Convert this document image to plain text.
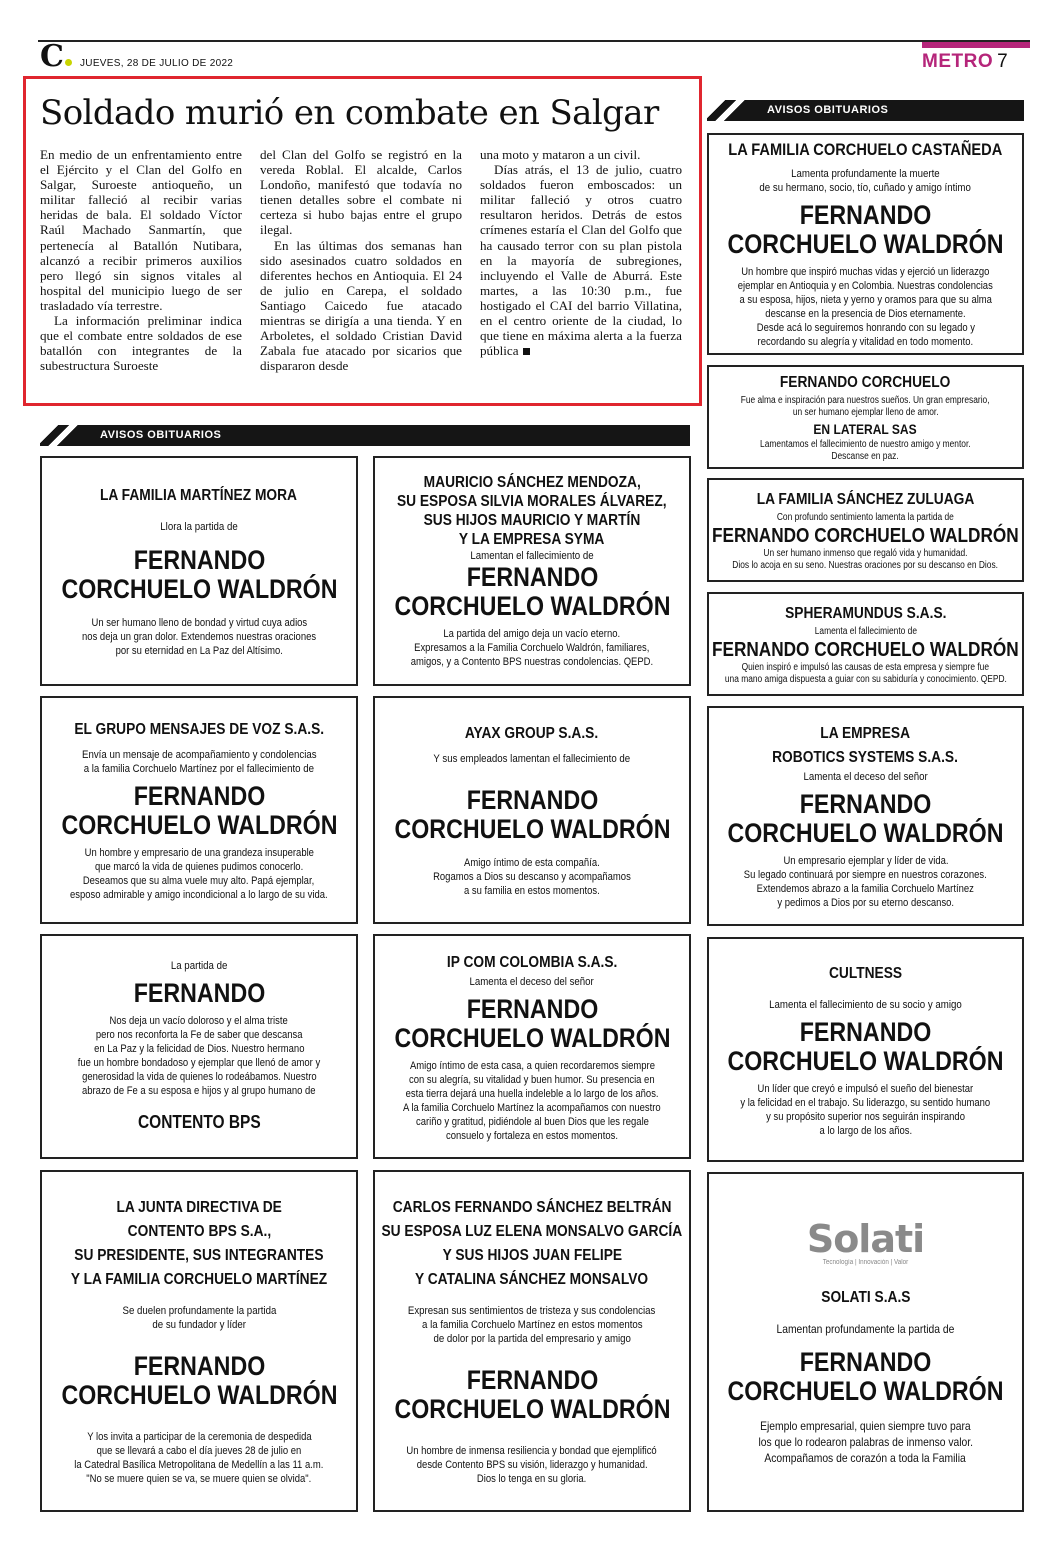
C	JUEVES, 28 DE JULIO DE 2022	METRO 7
Soldado murió en combate en Salgar

En medio de un enfrentamiento entre el Ejército y el Clan del Golfo en Salgar, Suroeste antioqueño, un militar falleció al recibir varias heridas de bala. El soldado Víctor Raúl Machado Sanmartín, que pertenecía al Batallón Nutibara, alcanzó a recibir primeros auxilios pero llegó sin signos vitales al hospital del municipio luego de ser trasladado vía terrestre.

La información preliminar indica que el combate entre soldados de ese batallón con integrantes de la subestructura Suroeste

del Clan del Golfo se registró en la vereda Roblal. El alcalde, Carlos Londoño, manifestó que todavía no tienen detalles sobre el combate ni certeza si hubo bajas entre el grupo ilegal.

En las últimas dos semanas han sido asesinados cuatro soldados en diferentes hechos en Antioquia. El 24 de julio en Carepa, el soldado Santiago Caicedo fue atacado mientras se dirigía a una tienda. Y en Arboletes, el soldado Cristian David Zabala fue atacado por sicarios que dispararon desde

una moto y mataron a un civil.

Días atrás, el 13 de julio, cuatro soldados fueron emboscados: un militar falleció y otros cuatro resultaron heridos. Detrás de estos crímenes estaría el Clan del Golfo que ha causado terror con su plan pistola en la mayoría de subregiones, incluyendo el Valle de Aburrá. Este martes, a las 10:30 p.m., fue hostigado el CAI del barrio Villatina, en el centro oriente de la ciudad, lo que tiene en máxima alerta a la fuerza pública

AVISOS OBITUARIOS
LA FAMILIA CORCHUELO CASTAÑEDA
Lamenta profundamente la muerte
de su hermano, socio, tío, cuñado y amigo íntimo
FERNANDO
CORCHUELO WALDRÓN
Un hombre que inspiró muchas vidas y ejerció un liderazgo
ejemplar en Antioquia y en Colombia. Nuestras condolencias
a su esposa, hijos, nieta y yerno y oramos para que su alma
descanse en la presencia de Dios eternamente.
Desde acá lo seguiremos honrando con su legado y
recordando su alegría y vitalidad en todo momento.
FERNANDO CORCHUELO
Fue alma e inspiración para nuestros sueños. Un gran empresario,
un ser humano ejemplar lleno de amor.
EN LATERAL SAS
Lamentamos el fallecimiento de nuestro amigo y mentor.
Descanse en paz.
LA FAMILIA SÁNCHEZ ZULUAGA
Con profundo sentimiento lamenta la partida de
FERNANDO CORCHUELO WALDRÓN
Un ser humano inmenso que regaló vida y humanidad.
Dios lo acoja en su seno. Nuestras oraciones por su descanso en Dios.
SPHERAMUNDUS S.A.S.
Lamenta el fallecimiento de
FERNANDO CORCHUELO WALDRÓN
Quien inspiró e impulsó las causas de esta empresa y siempre fue
una mano amiga dispuesta a guiar con su sabiduría y conocimiento. QEPD.
LA EMPRESA
ROBOTICS SYSTEMS S.A.S.
Lamenta el deceso del señor
FERNANDO
CORCHUELO WALDRÓN
Un empresario ejemplar y líder de vida.
Su legado continuará por siempre en nuestros corazones.
Extendemos abrazo a la familia Corchuelo Martínez
y pedimos a Dios por su eterno descanso.
CULTNESS
Lamenta el fallecimiento de su socio y amigo
FERNANDO
CORCHUELO WALDRÓN
Un líder que creyó e impulsó el sueño del bienestar
y la felicidad en el trabajo. Su liderazgo, su sentido humano
y su propósito superior nos seguirán inspirando
a lo largo de los años.
Solati
Tecnología | Innovación | Valor
SOLATI S.A.S
Lamentan profundamente la partida de
FERNANDO
CORCHUELO WALDRÓN
Ejemplo empresarial, quien siempre tuvo para
los que lo rodearon palabras de inmenso valor.
Acompañamos de corazón a toda la Familia
AVISOS OBITUARIOS
LA FAMILIA MARTÍNEZ MORA
Llora la partida de
FERNANDO
CORCHUELO WALDRÓN
Un ser humano lleno de bondad y virtud cuya adios
nos deja un gran dolor. Extendemos nuestras oraciones
por su eternidad en La Paz del Altísimo.
MAURICIO SÁNCHEZ MENDOZA,
SU ESPOSA SILVIA MORALES ÁLVAREZ,
SUS HIJOS MAURICIO Y MARTÍN
Y LA EMPRESA SYMA
Lamentan el fallecimiento de
FERNANDO
CORCHUELO WALDRÓN
La partida del amigo deja un vacío eterno.
Expresamos a la Familia Corchuelo Waldrón, familiares,
amigos, y a Contento BPS nuestras condolencias. QEPD.
EL GRUPO MENSAJES DE VOZ S.A.S.
Envía un mensaje de acompañamiento y condolencias
a la familia Corchuelo Martínez por el fallecimiento de
FERNANDO
CORCHUELO WALDRÓN
Un hombre y empresario de una grandeza insuperable
que marcó la vida de quienes pudimos conocerlo.
Deseamos que su alma vuele muy alto. Papá ejemplar,
esposo admirable y amigo incondicional a lo largo de su vida.
AYAX GROUP S.A.S.
Y sus empleados lamentan el fallecimiento de
FERNANDO
CORCHUELO WALDRÓN
Amigo íntimo de esta compañía.
Rogamos a Dios su descanso y acompañamos
a su familia en estos momentos.
La partida de
FERNANDO
Nos deja un vacío doloroso y el alma triste
pero nos reconforta la Fe de saber que descansa
en La Paz y la felicidad de Dios. Nuestro hermano
fue un hombre bondadoso y ejemplar que llenó de amor y
generosidad la vida de quienes lo rodeábamos. Nuestro
abrazo de Fe a su esposa e hijos y al grupo humano de
CONTENTO BPS
IP COM COLOMBIA S.A.S.
Lamenta el deceso del señor
FERNANDO
CORCHUELO WALDRÓN
Amigo íntimo de esta casa, a quien recordaremos siempre
con su alegría, su vitalidad y buen humor. Su presencia en
esta tierra dejará una huella indeleble a lo largo de los años.
A la familia Corchuelo Martínez la acompañamos con nuestro
cariño y gratitud, pidiéndole al buen Dios que les regale
consuelo y fortaleza en estos momentos.
LA JUNTA DIRECTIVA DE
CONTENTO BPS S.A.,
SU PRESIDENTE, SUS INTEGRANTES
Y LA FAMILIA CORCHUELO MARTÍNEZ
Se duelen profundamente la partida
de su fundador y líder
FERNANDO
CORCHUELO WALDRÓN
Y los invita a participar de la ceremonia de despedida
que se llevará a cabo el día jueves 28 de julio en
la Catedral Basílica Metropolitana de Medellín a las 11 a.m.
"No se muere quien se va, se muere quien se olvida".
CARLOS FERNANDO SÁNCHEZ BELTRÁN
SU ESPOSA LUZ ELENA MONSALVO GARCÍA
Y SUS HIJOS JUAN FELIPE
Y CATALINA SÁNCHEZ MONSALVO
Expresan sus sentimientos de tristeza y sus condolencias
a la familia Corchuelo Martínez en estos momentos
de dolor por la partida del empresario y amigo
FERNANDO
CORCHUELO WALDRÓN
Un hombre de inmensa resiliencia y bondad que ejemplificó
desde Contento BPS su visión, liderazgo y humanidad.
Dios lo tenga en su gloria.
